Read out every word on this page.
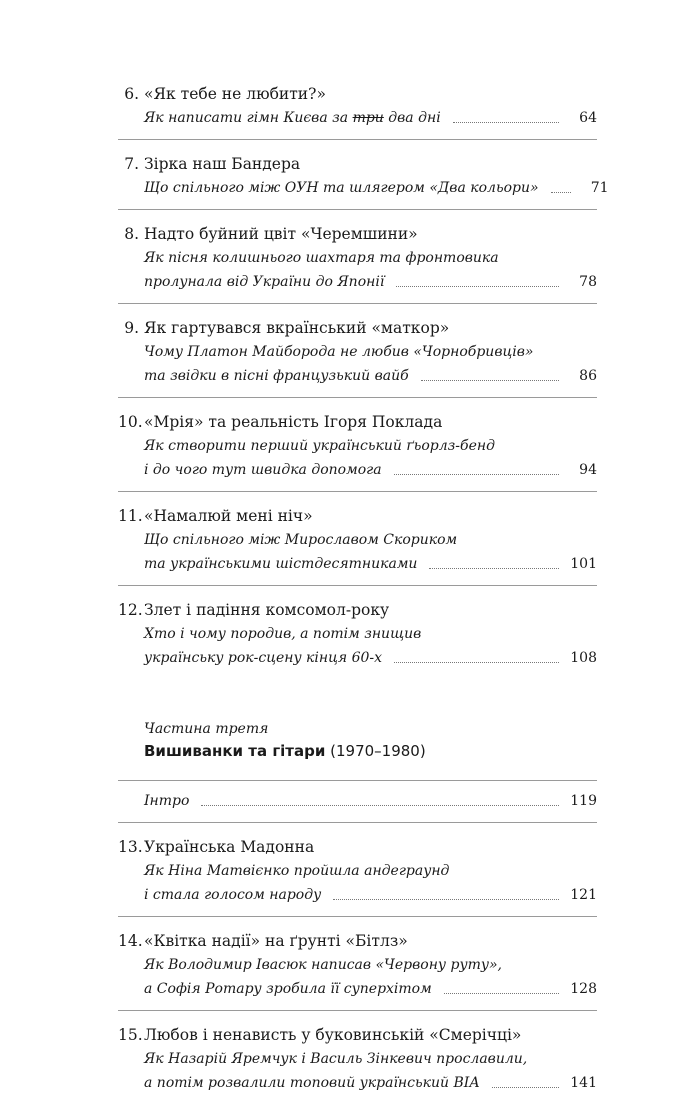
6. «Як тебе не любити?»
Як написати гімн Києва за три два дні	64
7. Зірка наш Бандера
Що спільного між ОУН та шлягером «Два кольори»	71
8. Надто буйний цвіт «Черемшини»
Як пісня колишнього шахтаря та фронтовика
пролунала від України до Японії	78
9. Як гартувався вкраїнський «маткор»
Чому Платон Майборода не любив «Чорнобривців»
та звідки в пісні французький вайб	86
10. «Мрія» та реальність Ігоря Поклада
Як створити перший український ґьорлз-бенд
і до чого тут швидка допомога	94
11. «Намалюй мені ніч»
Що спільного між Мирославом Скориком
та українськими шістдесятниками	101
12. Злет і падіння комсомол-року
Хто і чому породив, а потім знищив
українську рок-сцену кінця 60-х	108
Частина третя
Вишиванки та гітари (1970–1980)
Інтро	119
13. Українська Мадонна
Як Ніна Матвієнко пройшла андеграунд
і стала голосом народу	121
14. «Квітка надії» на ґрунті «Бітлз»
Як Володимир Івасюк написав «Червону руту»,
а Софія Ротару зробила її суперхітом	128
15. Любов і ненависть у буковинській «Смерічці»
Як Назарій Яремчук і Василь Зінкевич прославили,
а потім розвалили топовий український ВІА	141
